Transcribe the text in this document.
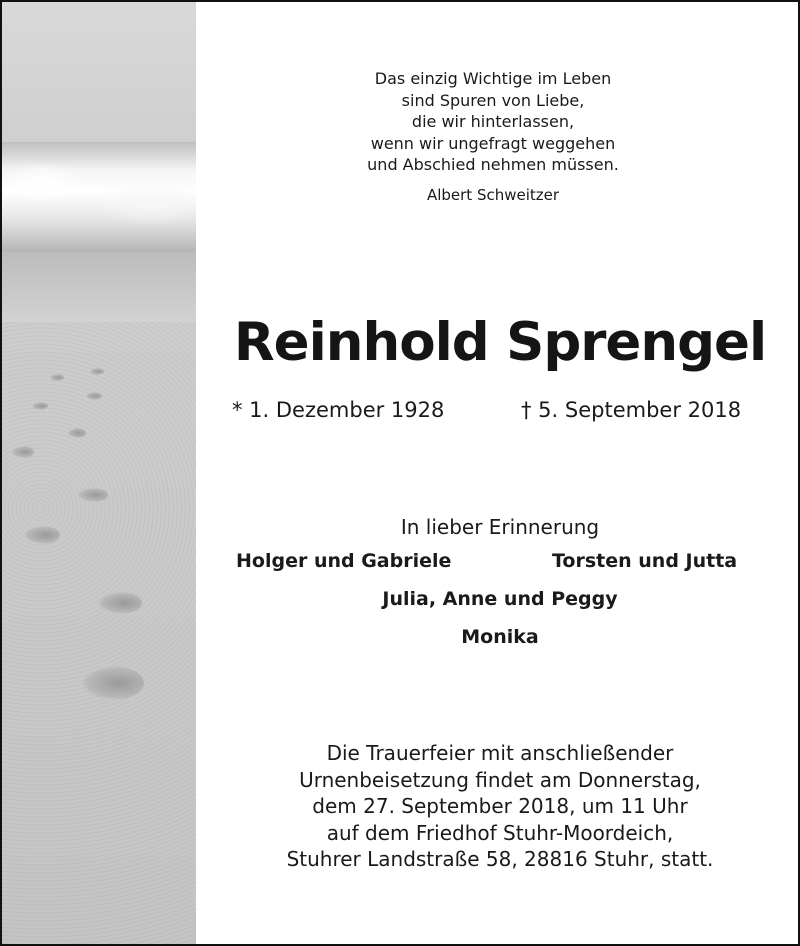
Das einzig Wichtige im Leben
sind Spuren von Liebe,
die wir hinterlassen,
wenn wir ungefragt weggehen
und Abschied nehmen müssen.
Albert Schweitzer
Reinhold Sprengel
* 1. Dezember 1928	† 5. September 2018
In lieber Erinnerung
Holger und Gabriele	Torsten und Jutta
Julia, Anne und Peggy
Monika
Die Trauerfeier mit anschließender
Urnenbeisetzung findet am Donnerstag,
dem 27. September 2018, um 11 Uhr
auf dem Friedhof Stuhr-Moordeich,
Stuhrer Landstraße 58, 28816 Stuhr, statt.
